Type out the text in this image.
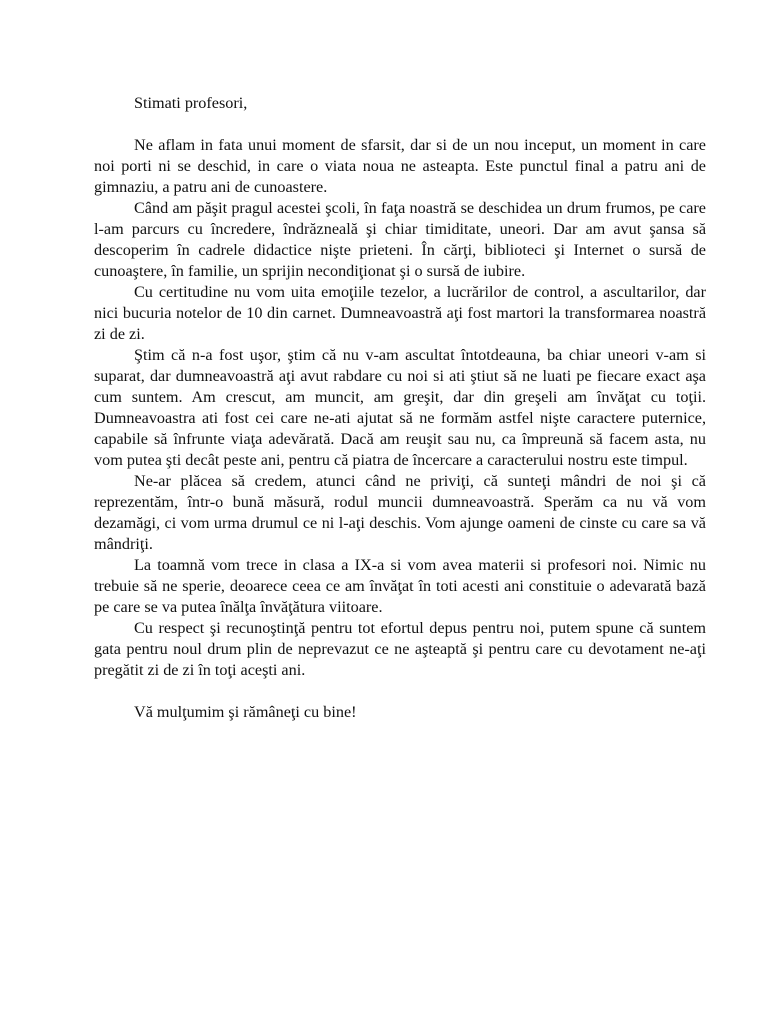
Stimati profesori,

Ne aflam in fata unui moment de sfarsit, dar si de un nou inceput, un moment in care noi porti ni se deschid, in care o viata noua ne asteapta. Este punctul final a patru ani de gimnaziu, a patru ani de cunoastere.

Când am păşit pragul acestei şcoli, în faţa noastră se deschidea un drum frumos, pe care l-am parcurs cu încredere, îndrăzneală şi chiar timiditate, uneori. Dar am avut şansa să descoperim în cadrele didactice nişte prieteni. În cărţi, biblioteci şi Internet o sursă de cunoaştere, în familie, un sprijin necondiţionat şi o sursă de iubire.

Cu certitudine nu vom uita emoţiile tezelor, a lucrărilor de control, a ascultarilor, dar nici bucuria notelor de 10 din carnet. Dumneavoastră aţi fost martori la transformarea noastră zi de zi.

Ştim că n-a fost uşor, ştim că nu v-am ascultat întotdeauna, ba chiar uneori v-am si suparat, dar dumneavoastră aţi avut rabdare cu noi si ati ştiut să ne luati pe fiecare exact aşa cum suntem. Am crescut, am muncit, am greşit, dar din greşeli am învăţat cu toţii. Dumneavoastra ati fost cei care ne-ati ajutat să ne formăm astfel nişte caractere puternice, capabile să înfrunte viaţa adevărată. Dacă am reuşit sau nu, ca împreună să facem asta, nu vom putea şti decât peste ani, pentru că piatra de încercare a caracterului nostru este timpul.

Ne-ar plăcea să credem, atunci când ne priviţi, că sunteţi mândri de noi şi că reprezentăm, într-o bună măsură, rodul muncii dumneavoastră. Sperăm ca nu vă vom dezamăgi, ci vom urma drumul ce ni l-aţi deschis. Vom ajunge oameni de cinste cu care sa vă mândriţi.

La toamnă vom trece in clasa a IX-a si vom avea materii si profesori noi. Nimic nu trebuie să ne sperie, deoarece ceea ce am învăţat în toti acesti ani constituie o adevarată bază pe care se va putea înălţa învăţătura viitoare.

Cu respect şi recunoştinţă pentru tot efortul depus pentru noi, putem spune că suntem gata pentru noul drum plin de neprevazut ce ne aşteaptă şi pentru care cu devotament ne-aţi pregătit zi de zi în toţi aceşti ani.

Vă mulţumim şi rămâneţi cu bine!
